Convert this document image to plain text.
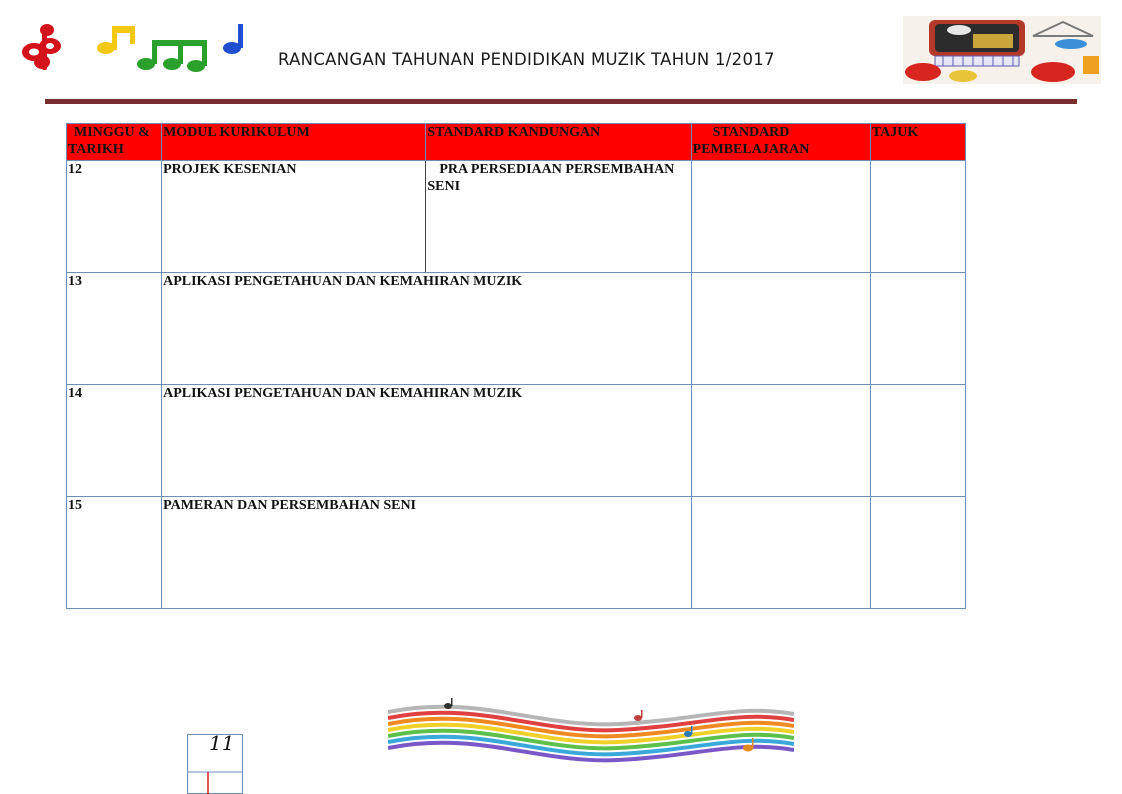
RANCANGAN TAHUNAN PENDIDIKAN MUZIK TAHUN 1/2017
MINGGU & TARIKH	MODUL KURIKULUM	STANDARD KANDUNGAN	STANDARD PEMBELAJARAN	TAJUK
12	PROJEK KESENIAN	PRA PERSEDIAAN PERSEMBAHAN SENI		
13	APLIKASI PENGETAHUAN DAN KEMAHIRAN MUZIK			
14	APLIKASI PENGETAHUAN DAN KEMAHIRAN MUZIK			
15	PAMERAN DAN PERSEMBAHAN SENI			
11
